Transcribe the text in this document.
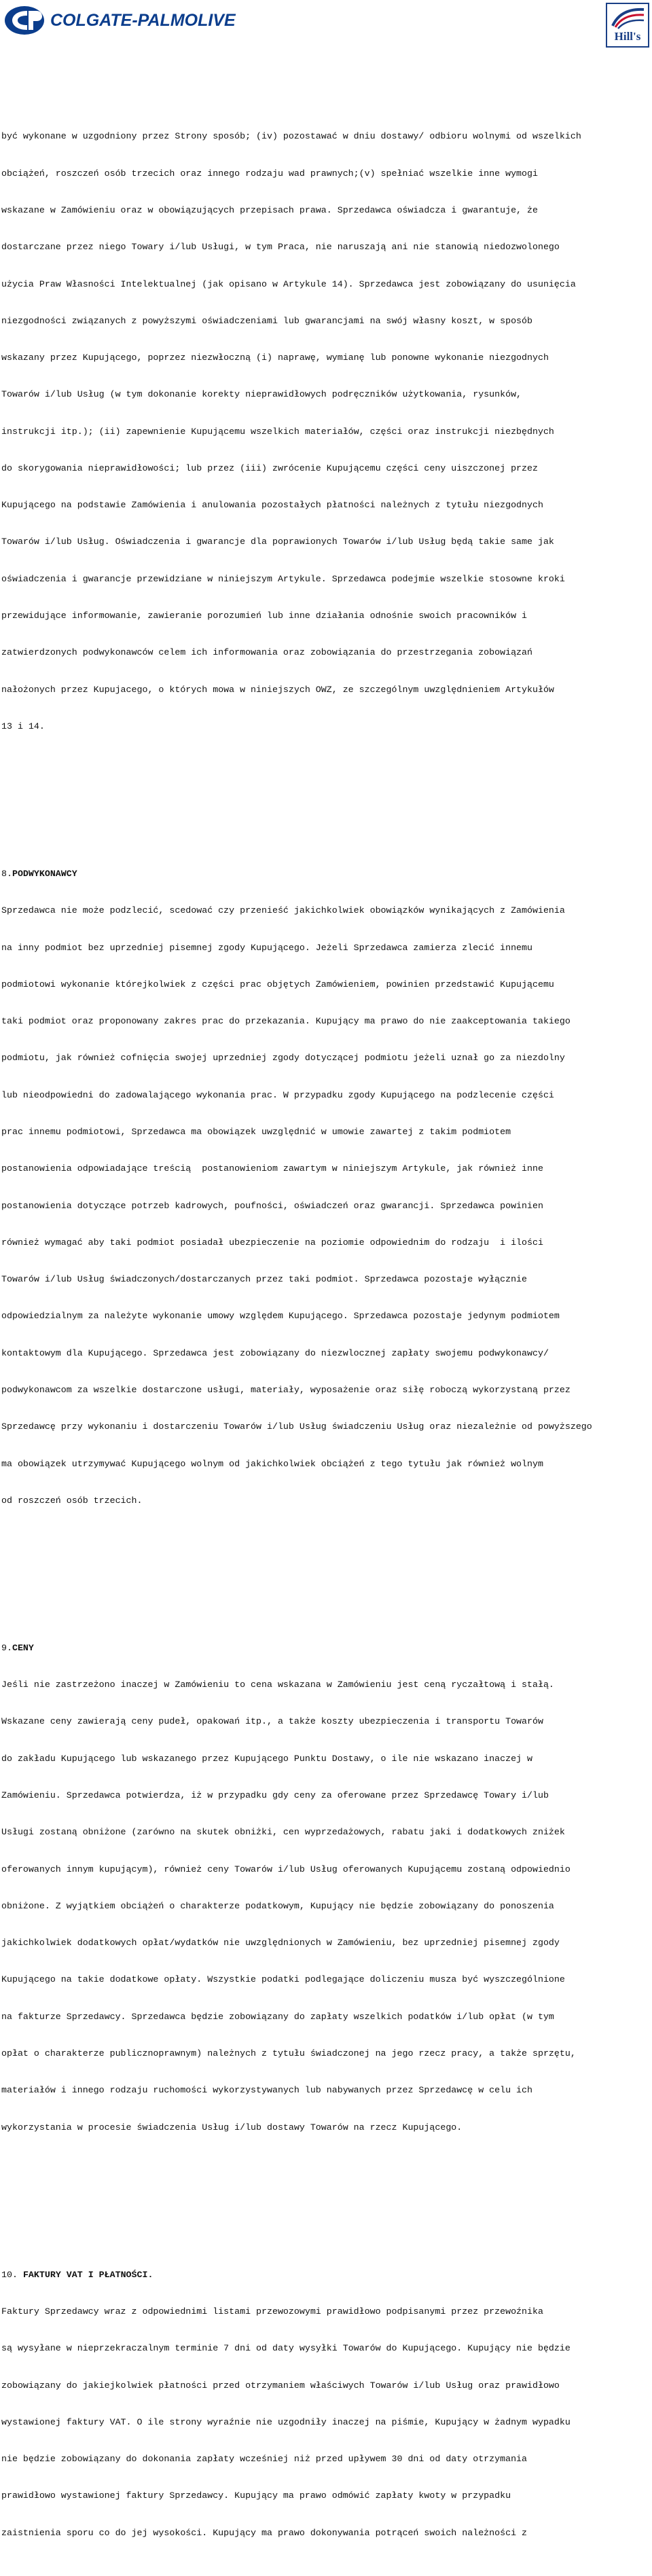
COLGATE-PALMOLIVE
Hill's

być wykonane w uzgodniony przez Strony sposób; (iv) pozostawać w dniu dostawy/ odbioru wolnymi od wszelkich

obciążeń, roszczeń osób trzecich oraz innego rodzaju wad prawnych;(v) spełniać wszelkie inne wymogi

wskazane w Zamówieniu oraz w obowiązujących przepisach prawa. Sprzedawca oświadcza i gwarantuje, że

dostarczane przez niego Towary i/lub Usługi, w tym Praca, nie naruszają ani nie stanowią niedozwolonego

użycia Praw Własności Intelektualnej (jak opisano w Artykule 14). Sprzedawca jest zobowiązany do usunięcia

niezgodności związanych z powyższymi oświadczeniami lub gwarancjami na swój własny koszt, w sposób

wskazany przez Kupującego, poprzez niezwłoczną (i) naprawę, wymianę lub ponowne wykonanie niezgodnych

Towarów i/lub Usług (w tym dokonanie korekty nieprawidłowych podręczników użytkowania, rysunków,

instrukcji itp.); (ii) zapewnienie Kupującemu wszelkich materiałów, części oraz instrukcji niezbędnych

do skorygowania nieprawidłowości; lub przez (iii) zwrócenie Kupującemu części ceny uiszczonej przez

Kupującego na podstawie Zamówienia i anulowania pozostałych płatności należnych z tytułu niezgodnych

Towarów i/lub Usług. Oświadczenia i gwarancje dla poprawionych Towarów i/lub Usług będą takie same jak

oświadczenia i gwarancje przewidziane w niniejszym Artykule. Sprzedawca podejmie wszelkie stosowne kroki

przewidujące informowanie, zawieranie porozumień lub inne działania odnośnie swoich pracowników i

zatwierdzonych podwykonawców celem ich informowania oraz zobowiązania do przestrzegania zobowiązań

nałożonych przez Kupujacego, o których mowa w niniejszych OWZ, ze szczególnym uwzględnieniem Artykułów

13 i 14.

8.PODWYKONAWCY

Sprzedawca nie może podzlecić, scedować czy przenieść jakichkolwiek obowiązków wynikających z Zamówienia

na inny podmiot bez uprzedniej pisemnej zgody Kupującego. Jeżeli Sprzedawca zamierza zlecić innemu

podmiotowi wykonanie którejkolwiek z części prac objętych Zamówieniem, powinien przedstawić Kupującemu

taki podmiot oraz proponowany zakres prac do przekazania. Kupujący ma prawo do nie zaakceptowania takiego

podmiotu, jak również cofnięcia swojej uprzedniej zgody dotyczącej podmiotu jeżeli uznał go za niezdolny

lub nieodpowiedni do zadowalającego wykonania prac. W przypadku zgody Kupującego na podzlecenie części

prac innemu podmiotowi, Sprzedawca ma obowiązek uwzględnić w umowie zawartej z takim podmiotem

postanowienia odpowiadające treścią  postanowieniom zawartym w niniejszym Artykule, jak również inne

postanowienia dotyczące potrzeb kadrowych, poufności, oświadczeń oraz gwarancji. Sprzedawca powinien

również wymagać aby taki podmiot posiadał ubezpieczenie na poziomie odpowiednim do rodzaju  i ilości

Towarów i/lub Usług świadczonych/dostarczanych przez taki podmiot. Sprzedawca pozostaje wyłącznie

odpowiedzialnym za należyte wykonanie umowy względem Kupującego. Sprzedawca pozostaje jedynym podmiotem

kontaktowym dla Kupującego. Sprzedawca jest zobowiązany do niezwlocznej zapłaty swojemu podwykonawcy/

podwykonawcom za wszelkie dostarczone usługi, materiały, wyposażenie oraz siłę roboczą wykorzystaną przez

Sprzedawcę przy wykonaniu i dostarczeniu Towarów i/lub Usług świadczeniu Usług oraz niezależnie od powyższego

ma obowiązek utrzymywać Kupującego wolnym od jakichkolwiek obciążeń z tego tytułu jak również wolnym

od roszczeń osób trzecich.

9.CENY

Jeśli nie zastrzeżono inaczej w Zamówieniu to cena wskazana w Zamówieniu jest ceną ryczałtową i stałą.

Wskazane ceny zawierają ceny pudeł, opakowań itp., a także koszty ubezpieczenia i transportu Towarów

do zakładu Kupującego lub wskazanego przez Kupującego Punktu Dostawy, o ile nie wskazano inaczej w

Zamówieniu. Sprzedawca potwierdza, iż w przypadku gdy ceny za oferowane przez Sprzedawcę Towary i/lub

Usługi zostaną obniżone (zarówno na skutek obniżki, cen wyprzedażowych, rabatu jaki i dodatkowych zniżek

oferowanych innym kupującym), również ceny Towarów i/lub Usług oferowanych Kupującemu zostaną odpowiednio

obniżone. Z wyjątkiem obciążeń o charakterze podatkowym, Kupujący nie będzie zobowiązany do ponoszenia

jakichkolwiek dodatkowych opłat/wydatków nie uwzględnionych w Zamówieniu, bez uprzedniej pisemnej zgody

Kupującego na takie dodatkowe opłaty. Wszystkie podatki podlegające doliczeniu musza być wyszczególnione

na fakturze Sprzedawcy. Sprzedawca będzie zobowiązany do zapłaty wszelkich podatków i/lub opłat (w tym

opłat o charakterze publicznoprawnym) należnych z tytułu świadczonej na jego rzecz pracy, a także sprzętu,

materiałów i innego rodzaju ruchomości wykorzystywanych lub nabywanych przez Sprzedawcę w celu ich

wykorzystania w procesie świadczenia Usług i/lub dostawy Towarów na rzecz Kupującego.

10. FAKTURY VAT I PŁATNOŚCI.

Faktury Sprzedawcy wraz z odpowiednimi listami przewozowymi prawidłowo podpisanymi przez przewoźnika

są wysyłane w nieprzekraczalnym terminie 7 dni od daty wysyłki Towarów do Kupującego. Kupujący nie będzie

zobowiązany do jakiejkolwiek płatności przed otrzymaniem właściwych Towarów i/lub Usług oraz prawidłowo

wystawionej faktury VAT. O ile strony wyraźnie nie uzgodniły inaczej na piśmie, Kupujący w żadnym wypadku

nie będzie zobowiązany do dokonania zapłaty wcześniej niż przed upływem 30 dni od daty otrzymania

prawidłowo wystawionej faktury Sprzedawcy. Kupujący ma prawo odmówić zapłaty kwoty w przypadku

zaistnienia sporu co do jej wysokości. Kupujący ma prawo dokonywania potrąceń swoich należności z
